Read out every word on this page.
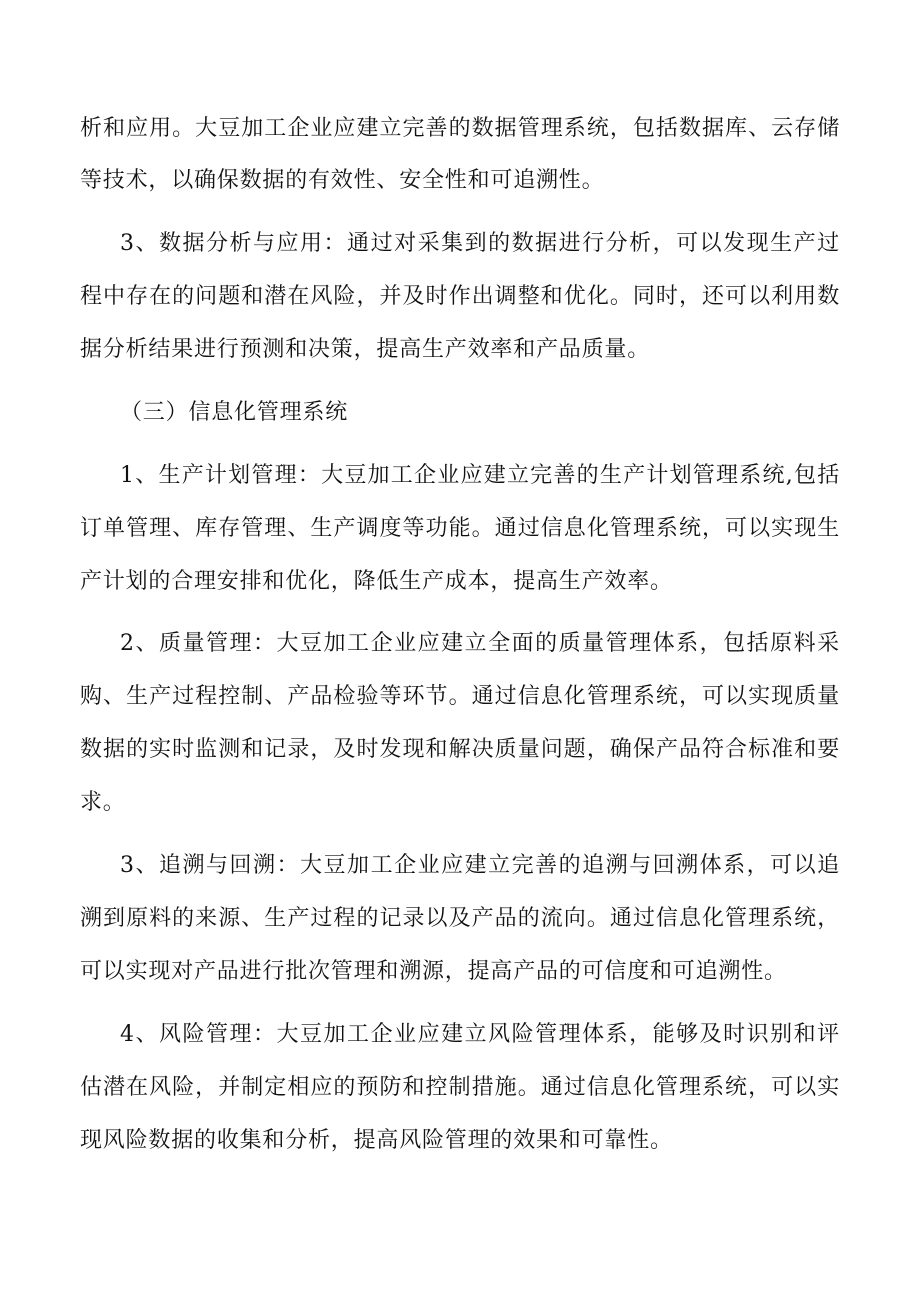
析和应用。大豆加工企业应建立完善的数据管理系统，包括数据库、云存储
等技术，以确保数据的有效性、安全性和可追溯性。
3、数据分析与应用：通过对采集到的数据进行分析，可以发现生产过
程中存在的问题和潜在风险，并及时作出调整和优化。同时，还可以利用数
据分析结果进行预测和决策，提高生产效率和产品质量。
（三）信息化管理系统
1、生产计划管理：大豆加工企业应建立完善的生产计划管理系统,包括
订单管理、库存管理、生产调度等功能。通过信息化管理系统，可以实现生
产计划的合理安排和优化，降低生产成本，提高生产效率。
2、质量管理：大豆加工企业应建立全面的质量管理体系，包括原料采
购、生产过程控制、产品检验等环节。通过信息化管理系统，可以实现质量
数据的实时监测和记录，及时发现和解决质量问题，确保产品符合标准和要
求。
3、追溯与回溯：大豆加工企业应建立完善的追溯与回溯体系，可以追
溯到原料的来源、生产过程的记录以及产品的流向。通过信息化管理系统，
可以实现对产品进行批次管理和溯源，提高产品的可信度和可追溯性。
4、风险管理：大豆加工企业应建立风险管理体系，能够及时识别和评
估潜在风险，并制定相应的预防和控制措施。通过信息化管理系统，可以实
现风险数据的收集和分析，提高风险管理的效果和可靠性。
